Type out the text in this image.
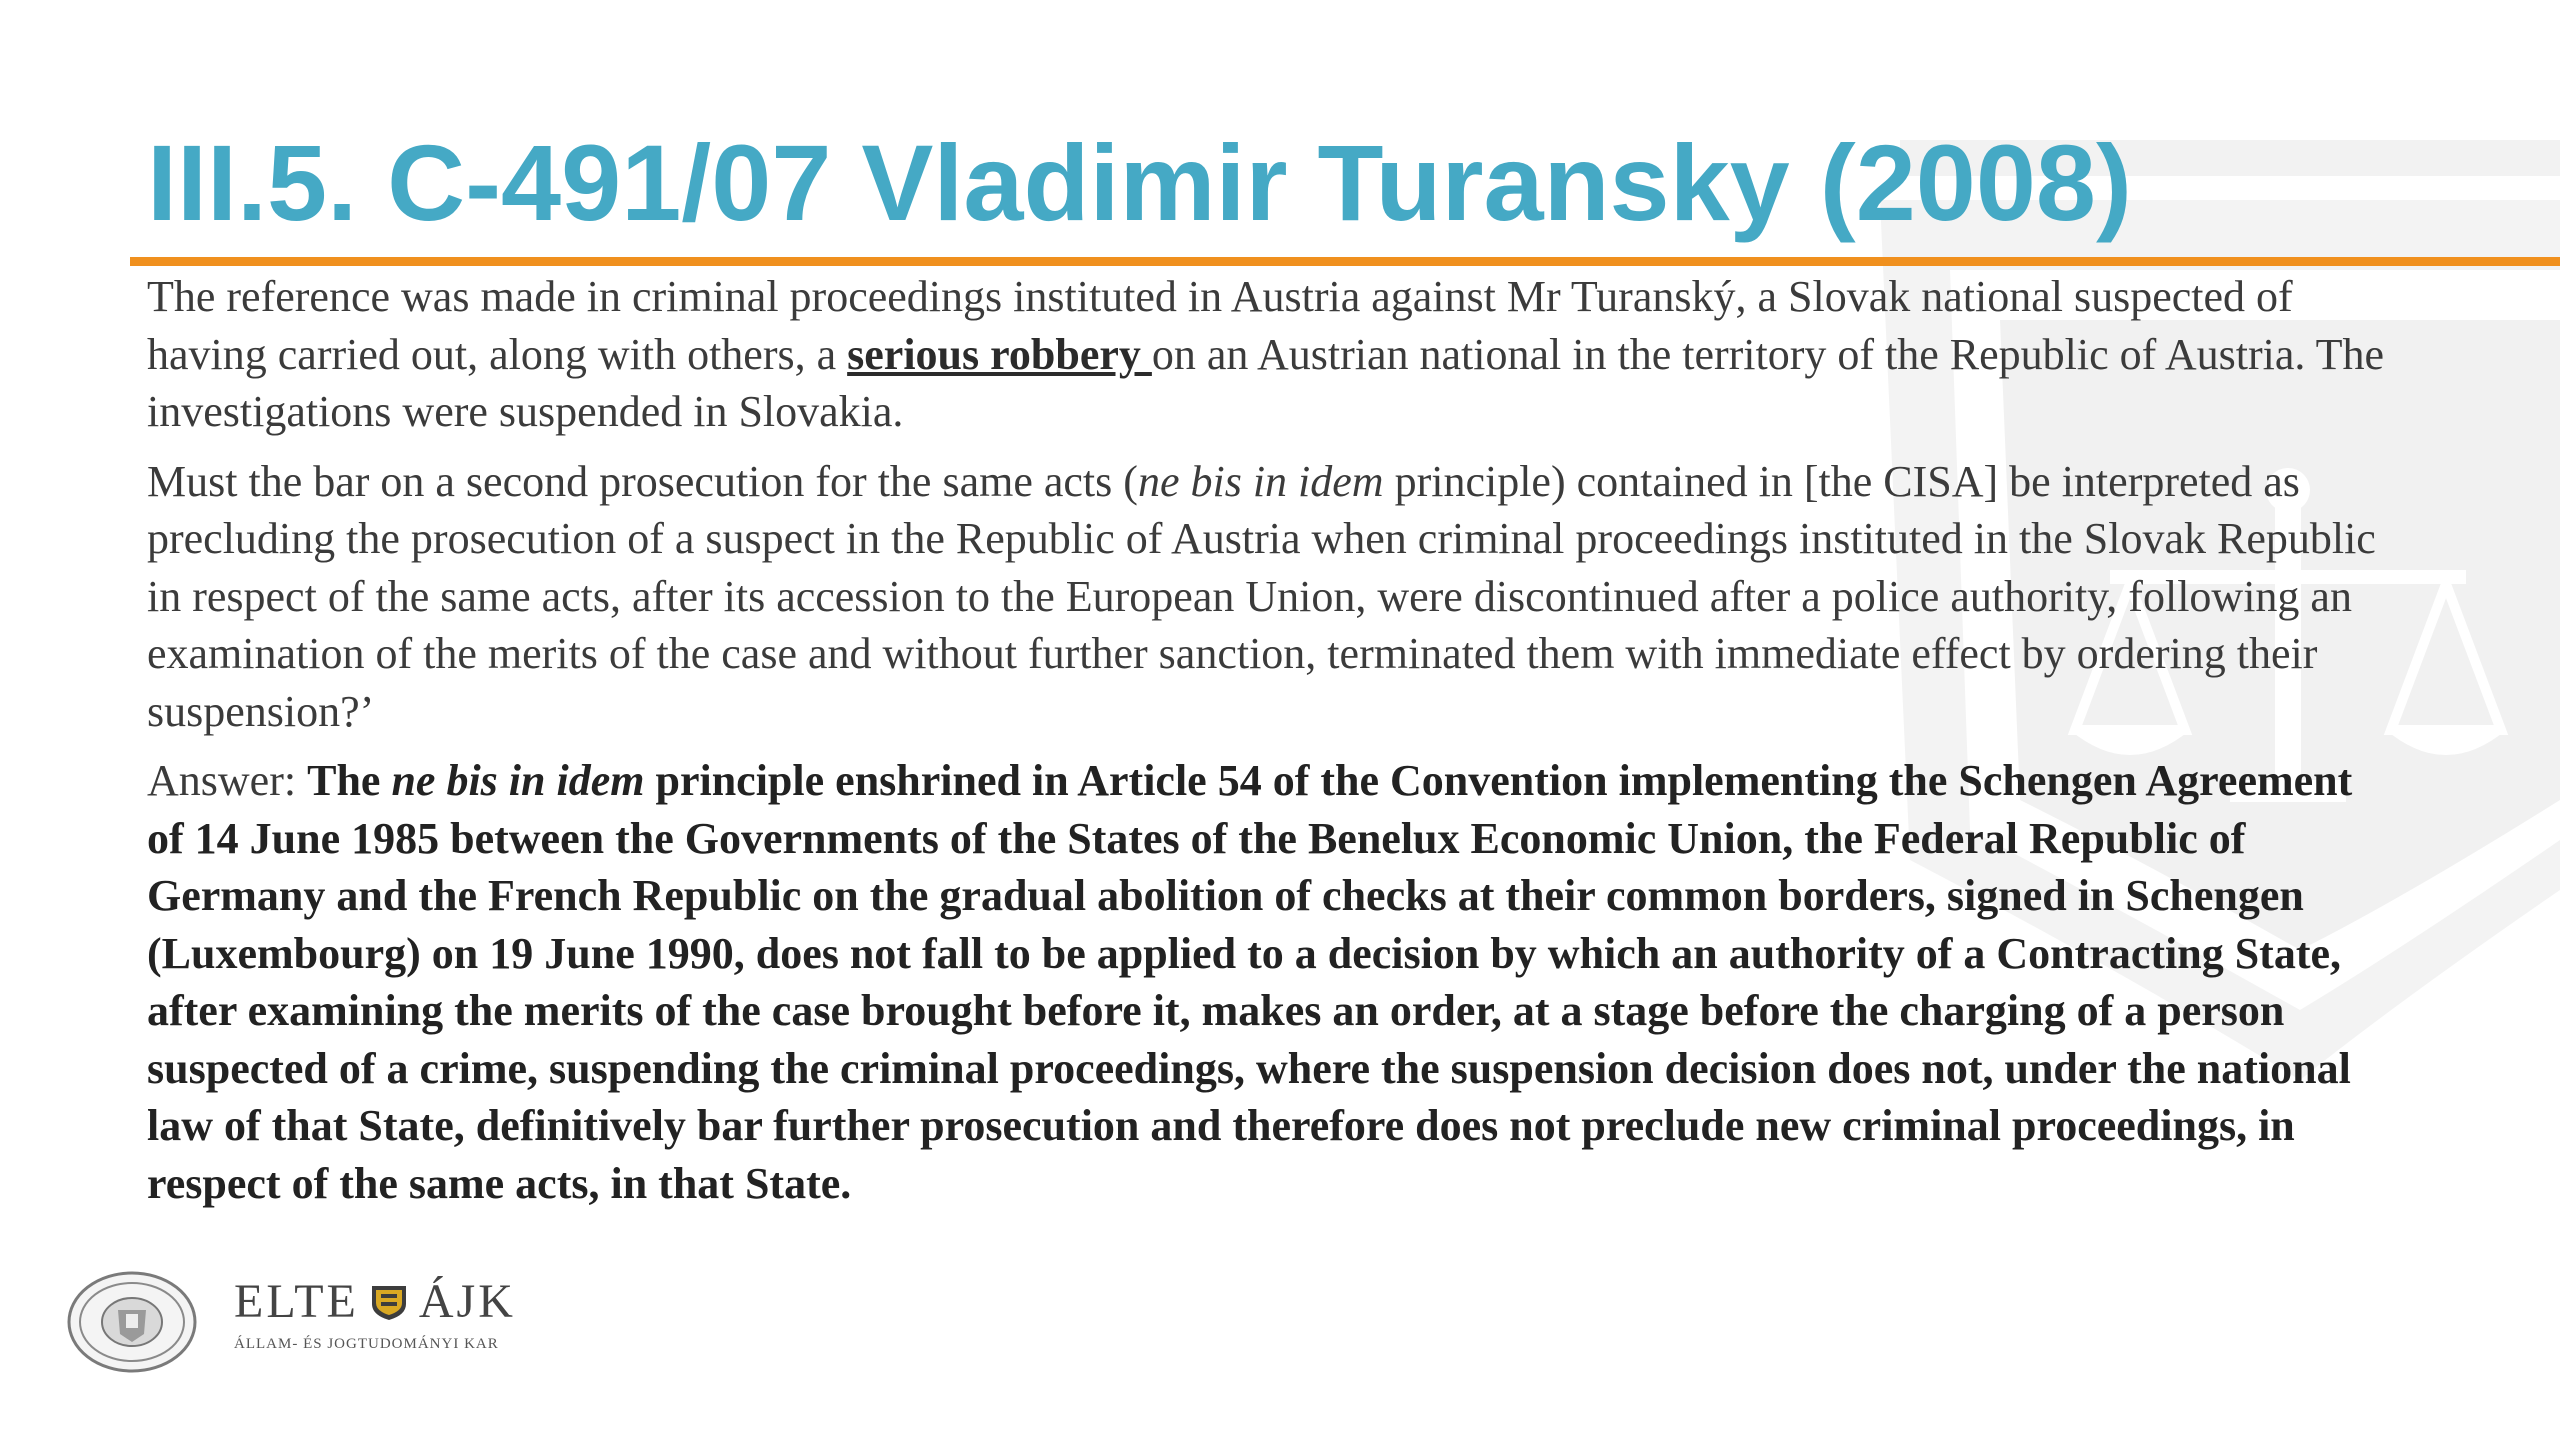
III.5. C-491/07 Vladimir Turansky (2008)

The reference was made in criminal proceedings instituted in Austria against Mr Turanský, a Slovak national suspected of having carried out, along with others, a serious robbery on an Austrian national in the territory of the Republic of Austria. The investigations were suspended in Slovakia.

Must the bar on a second prosecution for the same acts (ne bis in idem principle) contained in [the CISA] be interpreted as precluding the prosecution of a suspect in the Republic of Austria when criminal proceedings instituted in the Slovak Republic in respect of the same acts, after its accession to the European Union, were discontinued after a police authority, following an examination of the merits of the case and without further sanction, terminated them with immediate effect by ordering their suspension?’

Answer: The ne bis in idem principle enshrined in Article 54 of the Convention implementing the Schengen Agreement of 14 June 1985 between the Governments of the States of the Benelux Economic Union, the Federal Republic of Germany and the French Republic on the gradual abolition of checks at their common borders, signed in Schengen (Luxembourg) on 19 June 1990, does not fall to be applied to a decision by which an authority of a Contracting State, after examining the merits of the case brought before it, makes an order, at a stage before the charging of a person suspected of a crime, suspending the criminal proceedings, where the suspension decision does not, under the national law of that State, definitively bar further prosecution and therefore does not preclude new criminal proceedings, in respect of the same acts, in that State.

ELTE ÁJK
ÁLLAM- ÉS JOGTUDOMÁNYI KAR
